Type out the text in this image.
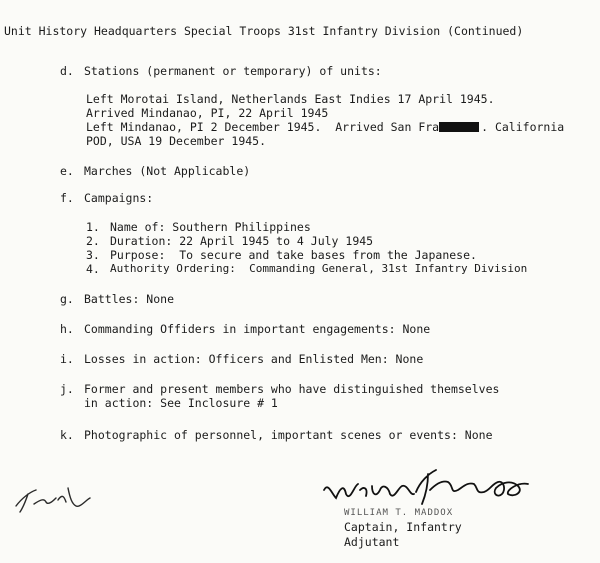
Unit History Headquarters Special Troops 31st Infantry Division (Continued)
d. Stations (permanent or temporary) of units:
Left Morotai Island, Netherlands East Indies 17 April 1945.
Arrived Mindanao, PI, 22 April 1945
Left Mindanao, PI 2 December 1945.  Arrived San Fra	. California
POD, USA 19 December 1945.
e. Marches (Not Applicable)
f. Campaigns:
1. Name of: Southern Philippines
2. Duration: 22 April 1945 to 4 July 1945
3. Purpose:  To secure and take bases from the Japanese.
4. Authority Ordering:  Commanding General, 31st Infantry Division
g. Battles: None
h. Commanding Offiders in important engagements: None
i. Losses in action: Officers and Enlisted Men: None
j. Former and present members who have distinguished themselves
in action: See Inclosure # 1
k. Photographic of personnel, important scenes or events: None
WILLIAM T. MADDOX
Captain, Infantry
Adjutant
